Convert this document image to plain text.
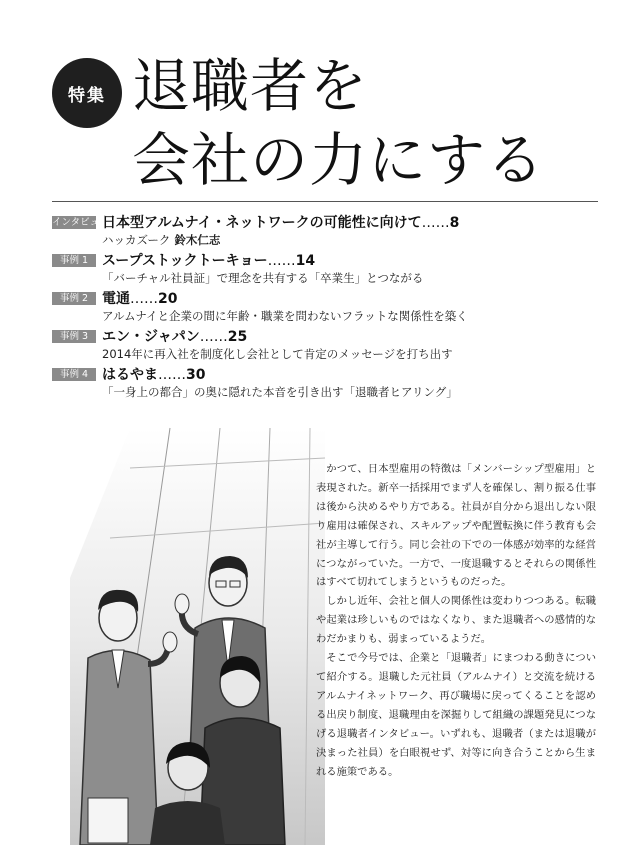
特集 退職者を
会社の力にする
インタビュー
日本型アルムナイ・ネットワークの可能性に向けて……8
ハッカズーク 鈴木仁志
事例 1 スープストックトーキョー……14
「バーチャル社員証」で理念を共有する「卒業生」とつながる
事例 2 電通……20
アルムナイと企業の間に年齢・職業を問わないフラットな関係性を築く
事例 3 エン・ジャパン……25
2014年に再入社を制度化し会社として肯定のメッセージを打ち出す
事例 4 はるやま……30
「一身上の都合」の奥に隠れた本音を引き出す「退職者ヒアリング」

かつて、日本型雇用の特徴は「メンバーシップ型雇用」と表現された。新卒一括採用でまず人を確保し、割り振る仕事は後から決めるやり方である。社員が自分から退出しない限り雇用は確保され、スキルアップや配置転換に伴う教育も会社が主導して行う。同じ会社の下での一体感が効率的な経営につながっていた。一方で、一度退職するとそれらの関係性はすべて切れてしまうというものだった。

しかし近年、会社と個人の関係性は変わりつつある。転職や起業は珍しいものではなくなり、また退職者への感情的なわだかまりも、弱まっているようだ。

そこで今号では、企業と「退職者」にまつわる動きについて紹介する。退職した元社員（アルムナイ）と交流を続けるアルムナイネットワーク、再び職場に戻ってくることを認める出戻り制度、退職理由を深掘りして組織の課題発見につなげる退職者インタビュー。いずれも、退職者（または退職が決まった社員）を白眼視せず、対等に向き合うことから生まれる施策である。
